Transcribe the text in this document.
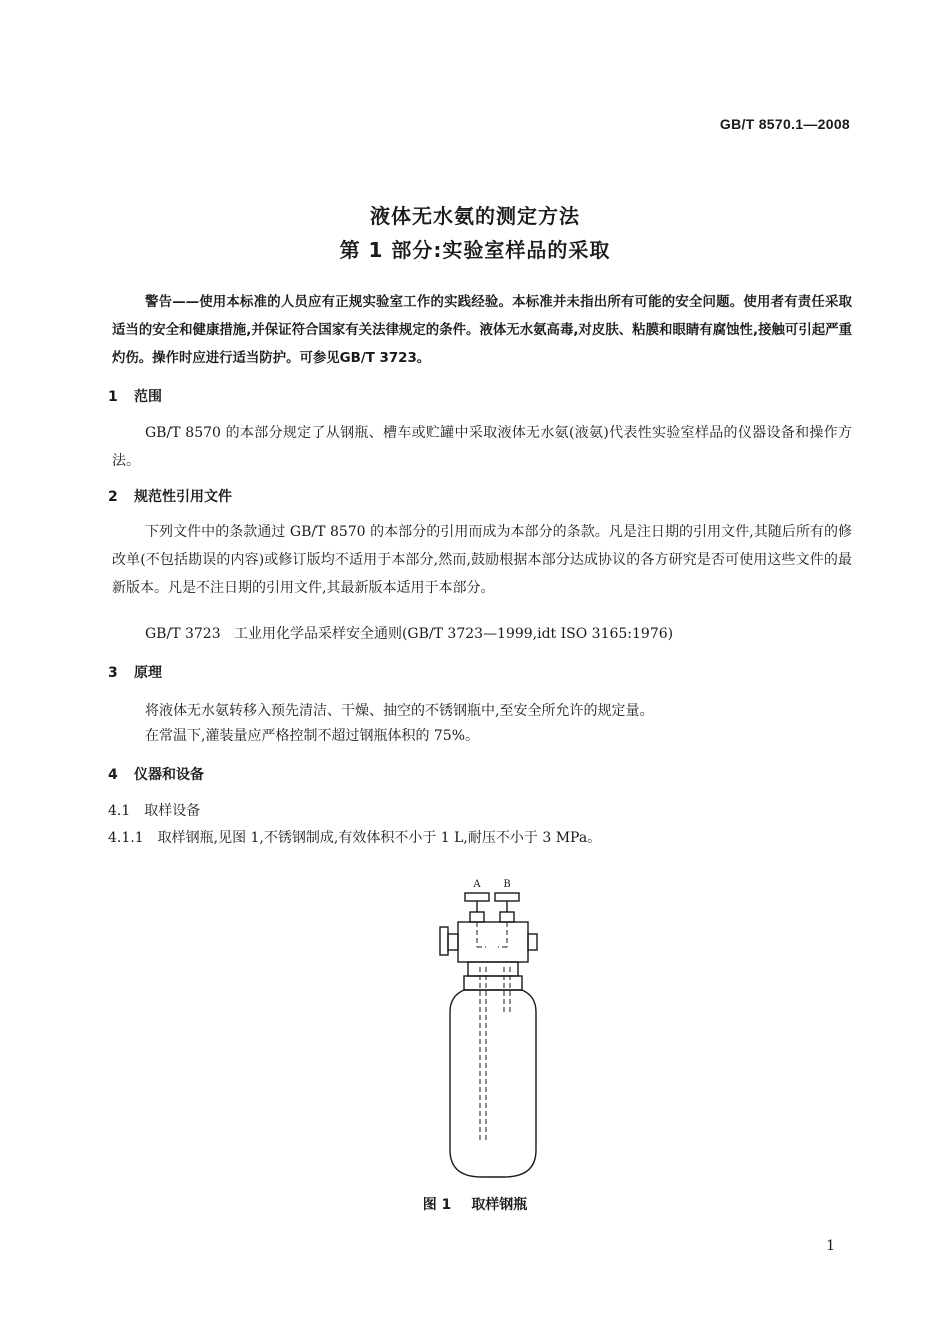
GB/T 8570.1—2008
液体无水氨的测定方法
第 1 部分:实验室样品的采取

警告——使用本标准的人员应有正规实验室工作的实践经验。本标准并未指出所有可能的安全问题。使用者有责任采取适当的安全和健康措施,并保证符合国家有关法律规定的条件。液体无水氨高毒,对皮肤、粘膜和眼睛有腐蚀性,接触可引起严重灼伤。操作时应进行适当防护。可参见GB/T 3723。

1 范围

GB/T 8570 的本部分规定了从钢瓶、槽车或贮罐中采取液体无水氨(液氨)代表性实验室样品的仪器设备和操作方法。

2 规范性引用文件

下列文件中的条款通过 GB/T 8570 的本部分的引用而成为本部分的条款。凡是注日期的引用文件,其随后所有的修改单(不包括勘误的内容)或修订版均不适用于本部分,然而,鼓励根据本部分达成协议的各方研究是否可使用这些文件的最新版本。凡是不注日期的引用文件,其最新版本适用于本部分。

GB/T 3723 工业用化学品采样安全通则(GB/T 3723—1999,idt ISO 3165:1976)
3 原理
将液体无水氨转移入预先清洁、干燥、抽空的不锈钢瓶中,至安全所允许的规定量。
在常温下,灌装量应严格控制不超过钢瓶体积的 75%。
4 仪器和设备
4.1 取样设备
4.1.1 取样钢瓶,见图 1,不锈钢制成,有效体积不小于 1 L,耐压不小于 3 MPa。
A B
图 1 取样钢瓶
1
